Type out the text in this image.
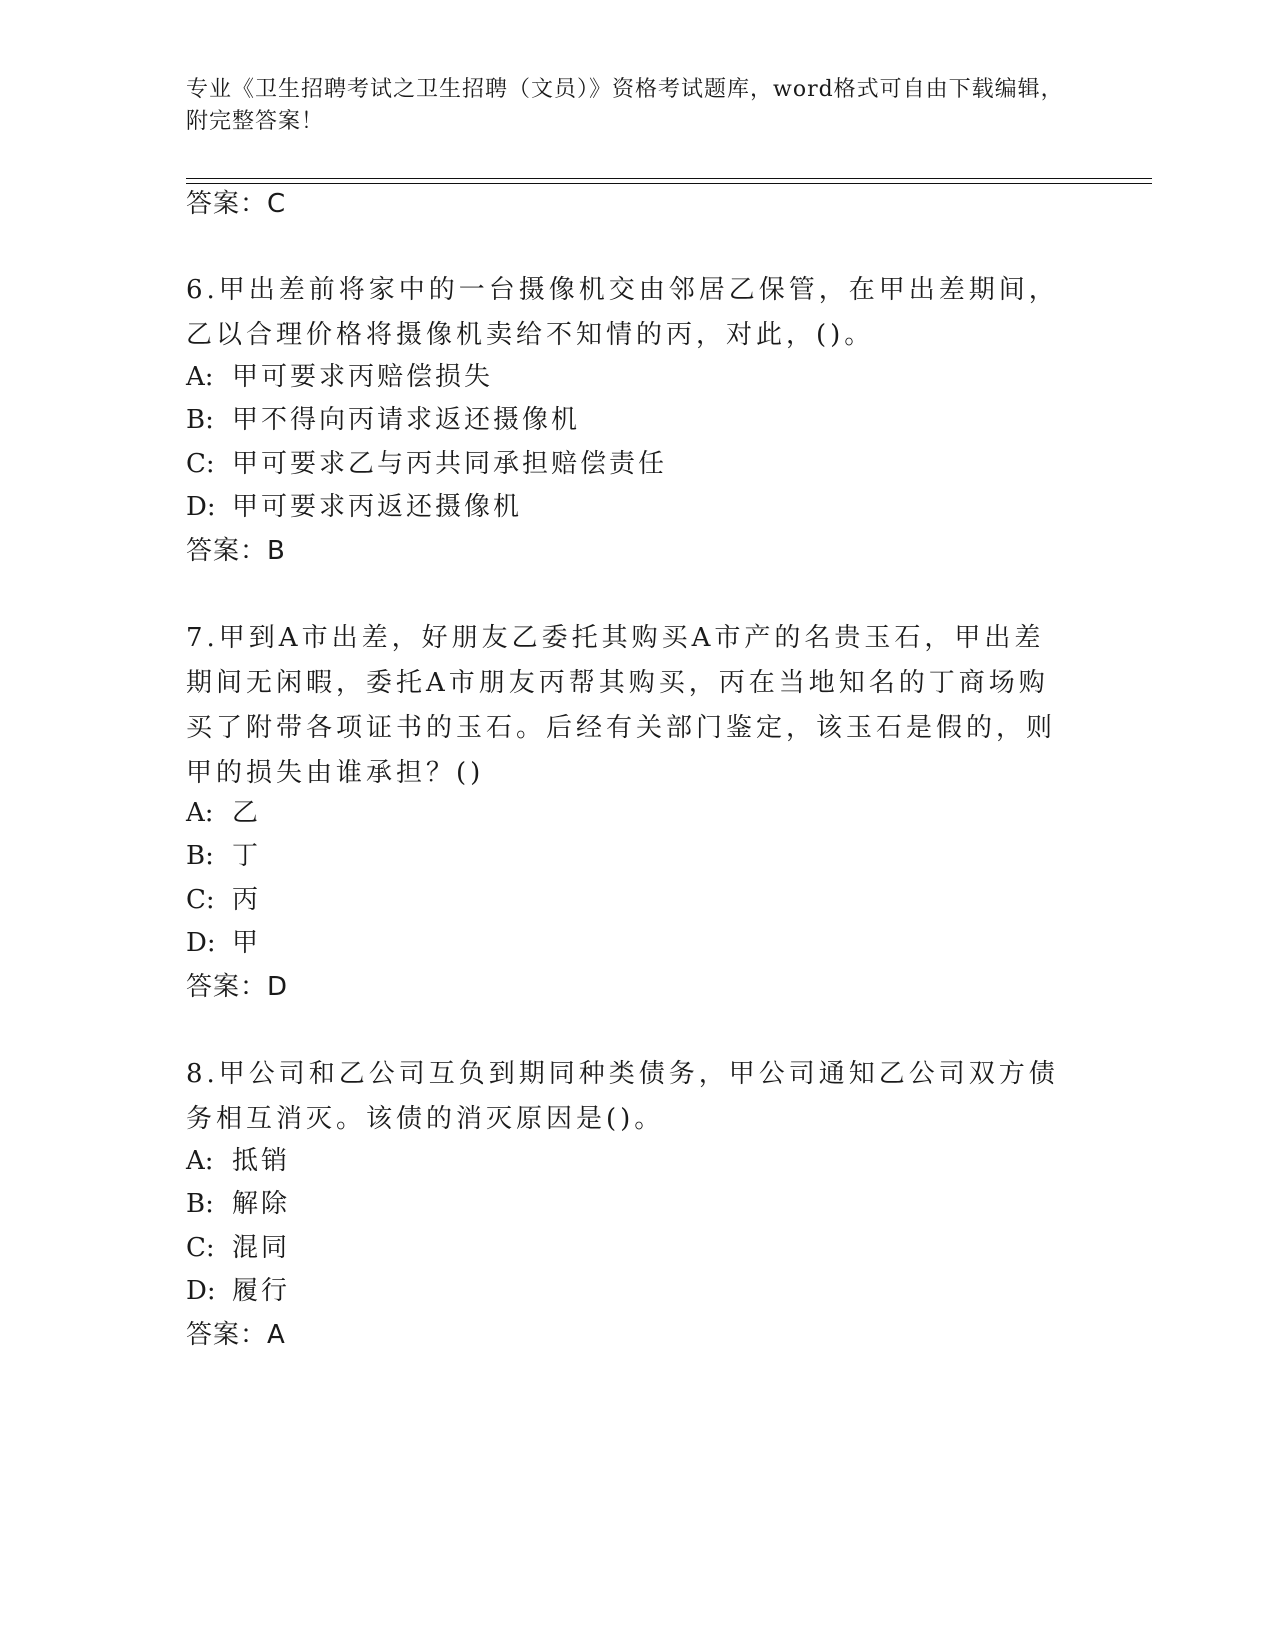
专业《卫生招聘考试之卫生招聘（文员）》资格考试题库，word格式可自由下载编辑，附完整答案！
答案：C
6.甲出差前将家中的一台摄像机交由邻居乙保管，在甲出差期间，乙以合理价格将摄像机卖给不知情的丙，对此，()。
A: 甲可要求丙赔偿损失
B: 甲不得向丙请求返还摄像机
C: 甲可要求乙与丙共同承担赔偿责任
D: 甲可要求丙返还摄像机
答案：B
7.甲到A市出差，好朋友乙委托其购买A市产的名贵玉石，甲出差期间无闲暇，委托A市朋友丙帮其购买，丙在当地知名的丁商场购买了附带各项证书的玉石。后经有关部门鉴定，该玉石是假的，则甲的损失由谁承担？()
A: 乙
B: 丁
C: 丙
D: 甲
答案：D
8.甲公司和乙公司互负到期同种类债务，甲公司通知乙公司双方债务相互消灭。该债的消灭原因是()。
A: 抵销
B: 解除
C: 混同
D: 履行
答案：A
